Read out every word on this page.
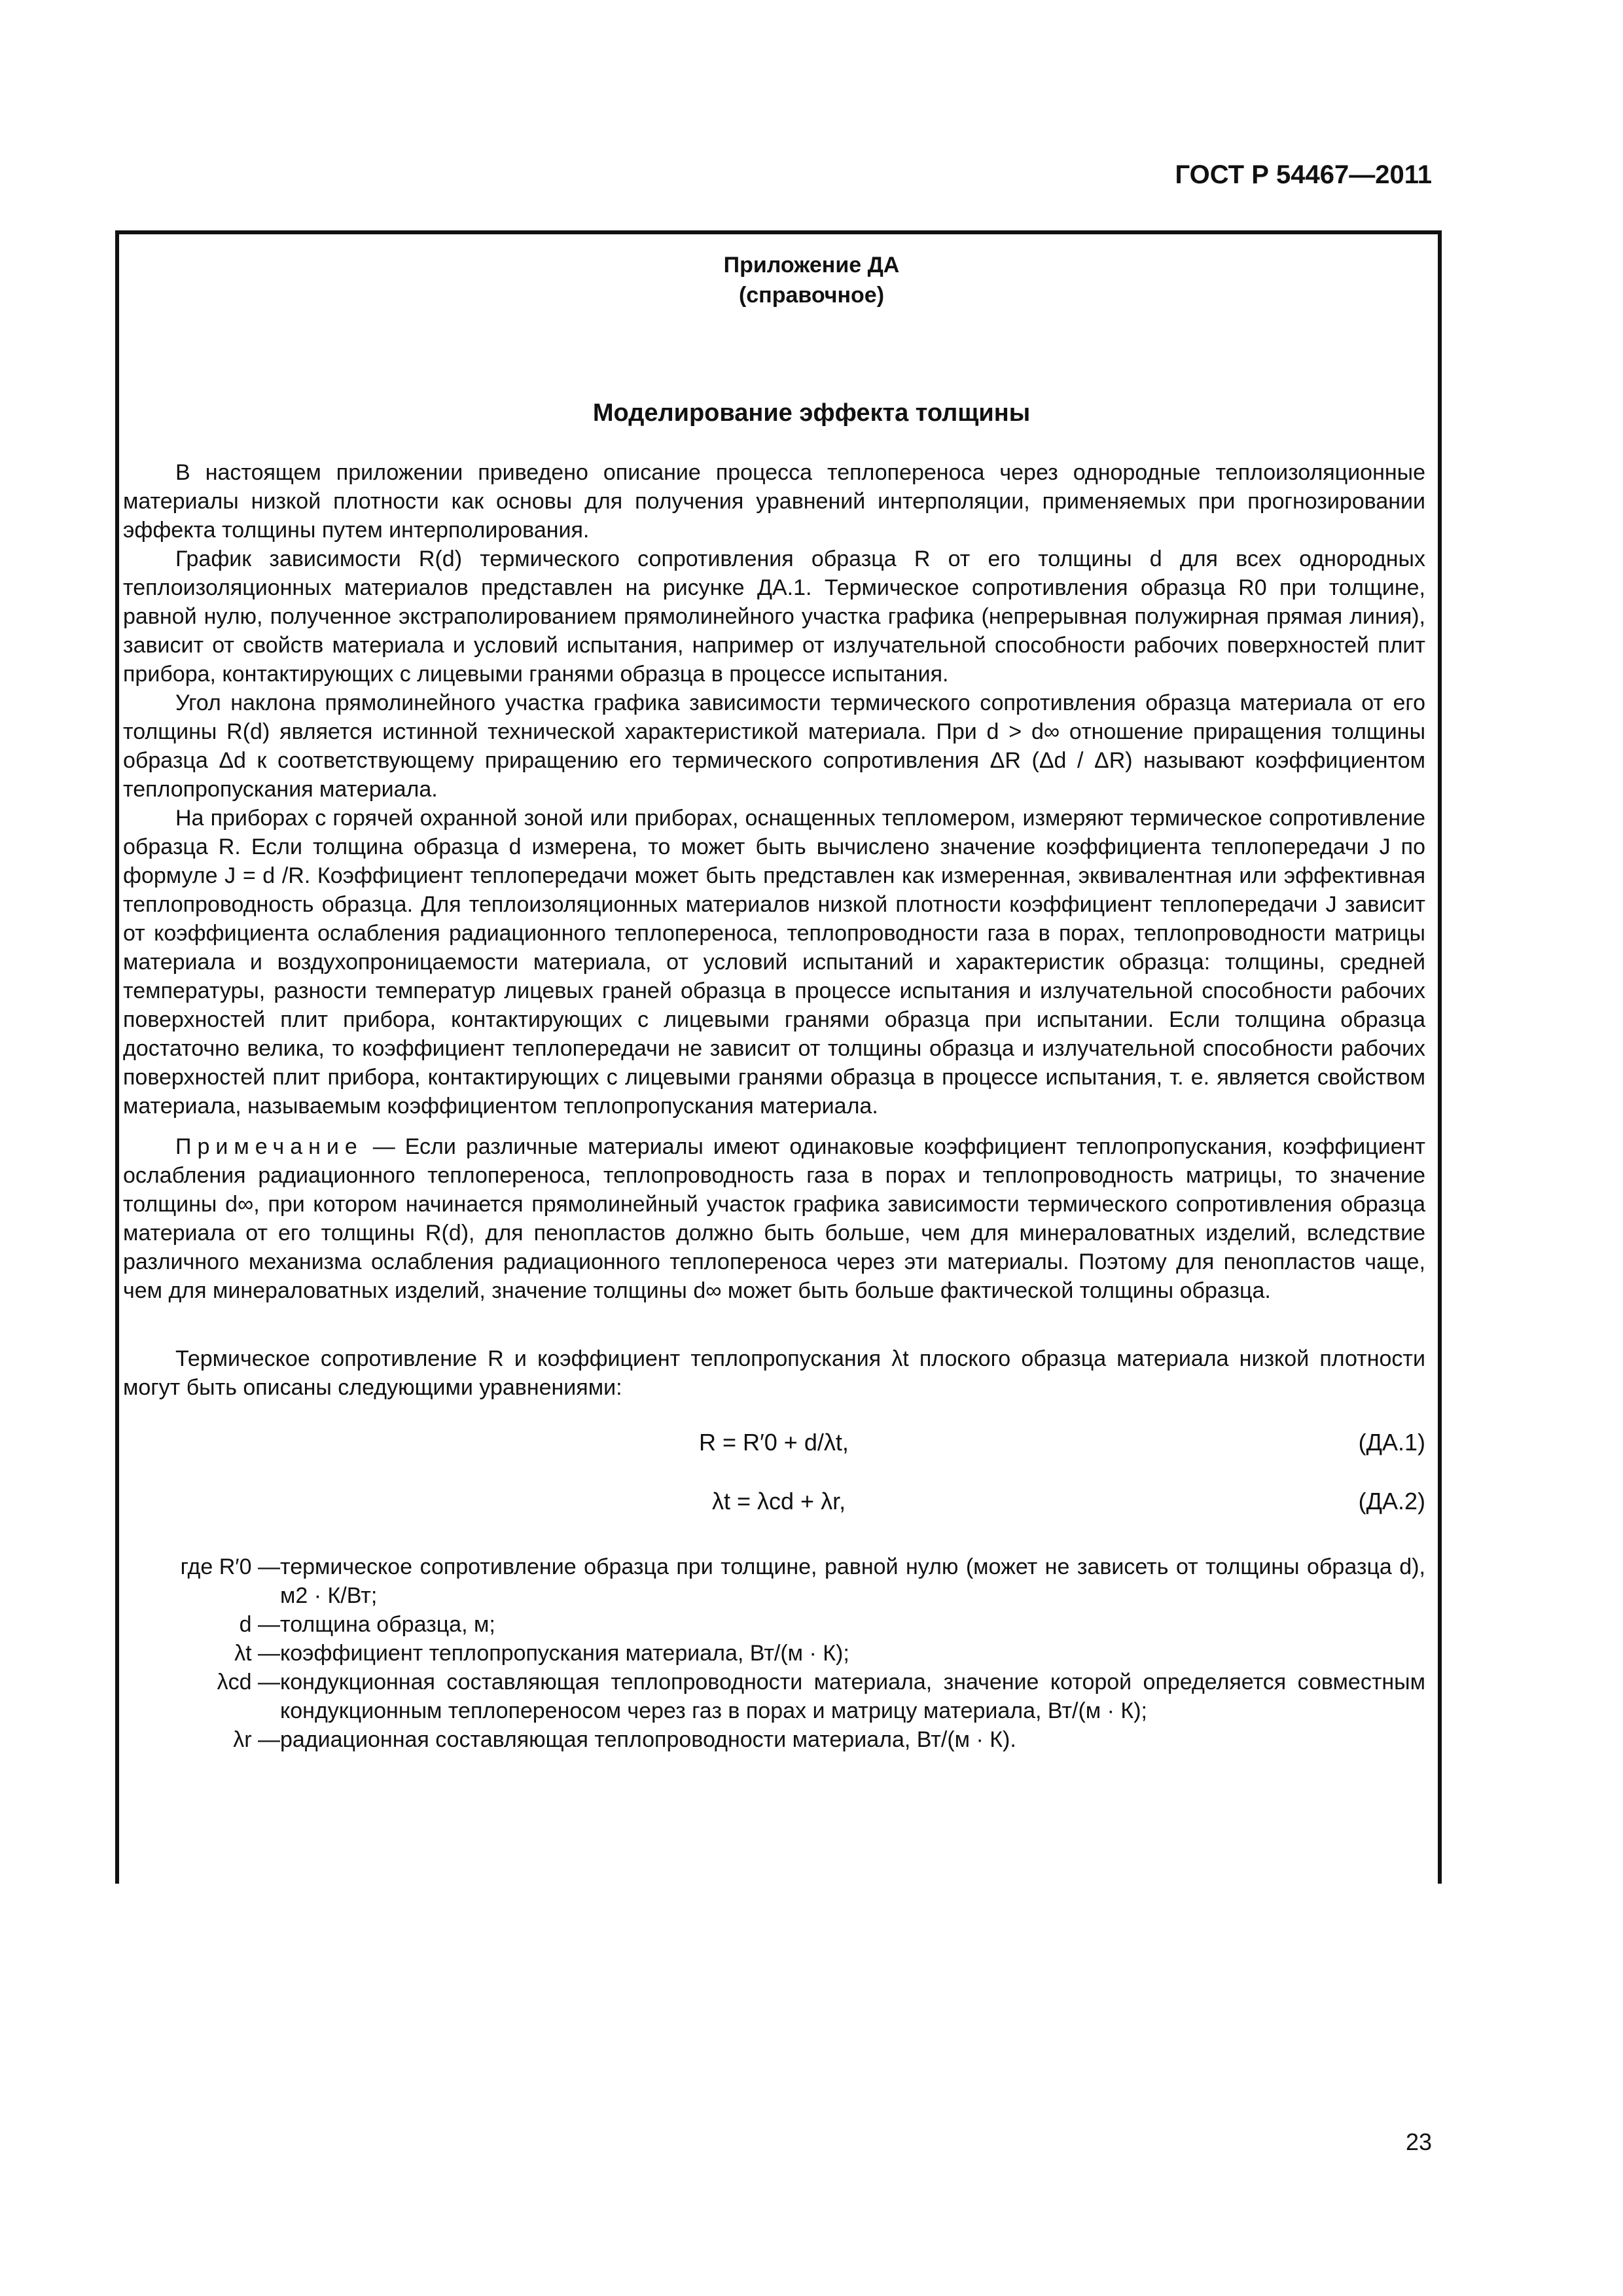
ГОСТ Р 54467—2011
Приложение ДА
(справочное)
Моделирование эффекта толщины

В настоящем приложении приведено описание процесса теплопереноса через однородные теплоизоляционные материалы низкой плотности как основы для получения уравнений интерполяции, применяемых при прогнозировании эффекта толщины путем интерполирования.

График зависимости R(d) термического сопротивления образца R от его толщины d для всех однородных теплоизоляционных материалов представлен на рисунке ДА.1. Термическое сопротивления образца R0 при толщине, равной нулю, полученное экстраполированием прямолинейного участка графика (непрерывная полужирная прямая линия), зависит от свойств материала и условий испытания, например от излучательной способности рабочих поверхностей плит прибора, контактирующих с лицевыми гранями образца в процессе испытания.

Угол наклона прямолинейного участка графика зависимости термического сопротивления образца материала от его толщины R(d) является истинной технической характеристикой материала. При d > d∞ отношение приращения толщины образца Δd к соответствующему приращению его термического сопротивления ΔR (Δd / ΔR) называют коэффициентом теплопропускания материала.

На приборах с горячей охранной зоной или приборах, оснащенных тепломером, измеряют термическое сопротивление образца R. Если толщина образца d измерена, то может быть вычислено значение коэффициента теплопередачи J по формуле J = d /R. Коэффициент теплопередачи может быть представлен как измеренная, эквивалентная или эффективная теплопроводность образца. Для теплоизоляционных материалов низкой плотности коэффициент теплопередачи J зависит от коэффициента ослабления радиационного теплопереноса, теплопроводности газа в порах, теплопроводности матрицы материала и воздухопроницаемости материала, от условий испытаний и характеристик образца: толщины, средней температуры, разности температур лицевых граней образца в процессе испытания и излучательной способности рабочих поверхностей плит прибора, контактирующих с лицевыми гранями образца при испытании. Если толщина образца достаточно велика, то коэффициент теплопередачи не зависит от толщины образца и излучательной способности рабочих поверхностей плит прибора, контактирующих с лицевыми гранями образца в процессе испытания, т. е. является свойством материала, называемым коэффициентом теплопропускания материала.

Примечание — Если различные материалы имеют одинаковые коэффициент теплопропускания, коэффициент ослабления радиационного теплопереноса, теплопроводность газа в порах и теплопроводность матрицы, то значение толщины d∞, при котором начинается прямолинейный участок графика зависимости термического сопротивления образца материала от его толщины R(d), для пенопластов должно быть больше, чем для минераловатных изделий, вследствие различного механизма ослабления радиационного теплопереноса через эти материалы. Поэтому для пенопластов чаще, чем для минераловатных изделий, значение толщины d∞ может быть больше фактической толщины образца.

Термическое сопротивление R и коэффициент теплопропускания λt плоского образца материала низкой плотности могут быть описаны следующими уравнениями:

R = R′0 + d/λt,	(ДА.1)
λt = λcd + λr,	(ДА.2)
где R′0 — термическое сопротивление образца при толщине, равной нулю (может не зависеть от толщины образца d), м2 · К/Вт;
d — толщина образца, м;
λt — коэффициент теплопропускания материала, Вт/(м · К);
λcd — кондукционная составляющая теплопроводности материала, значение которой определяется совместным кондукционным теплопереносом через газ в порах и матрицу материала, Вт/(м · К);
λr — радиационная составляющая теплопроводности материала, Вт/(м · К).
23
